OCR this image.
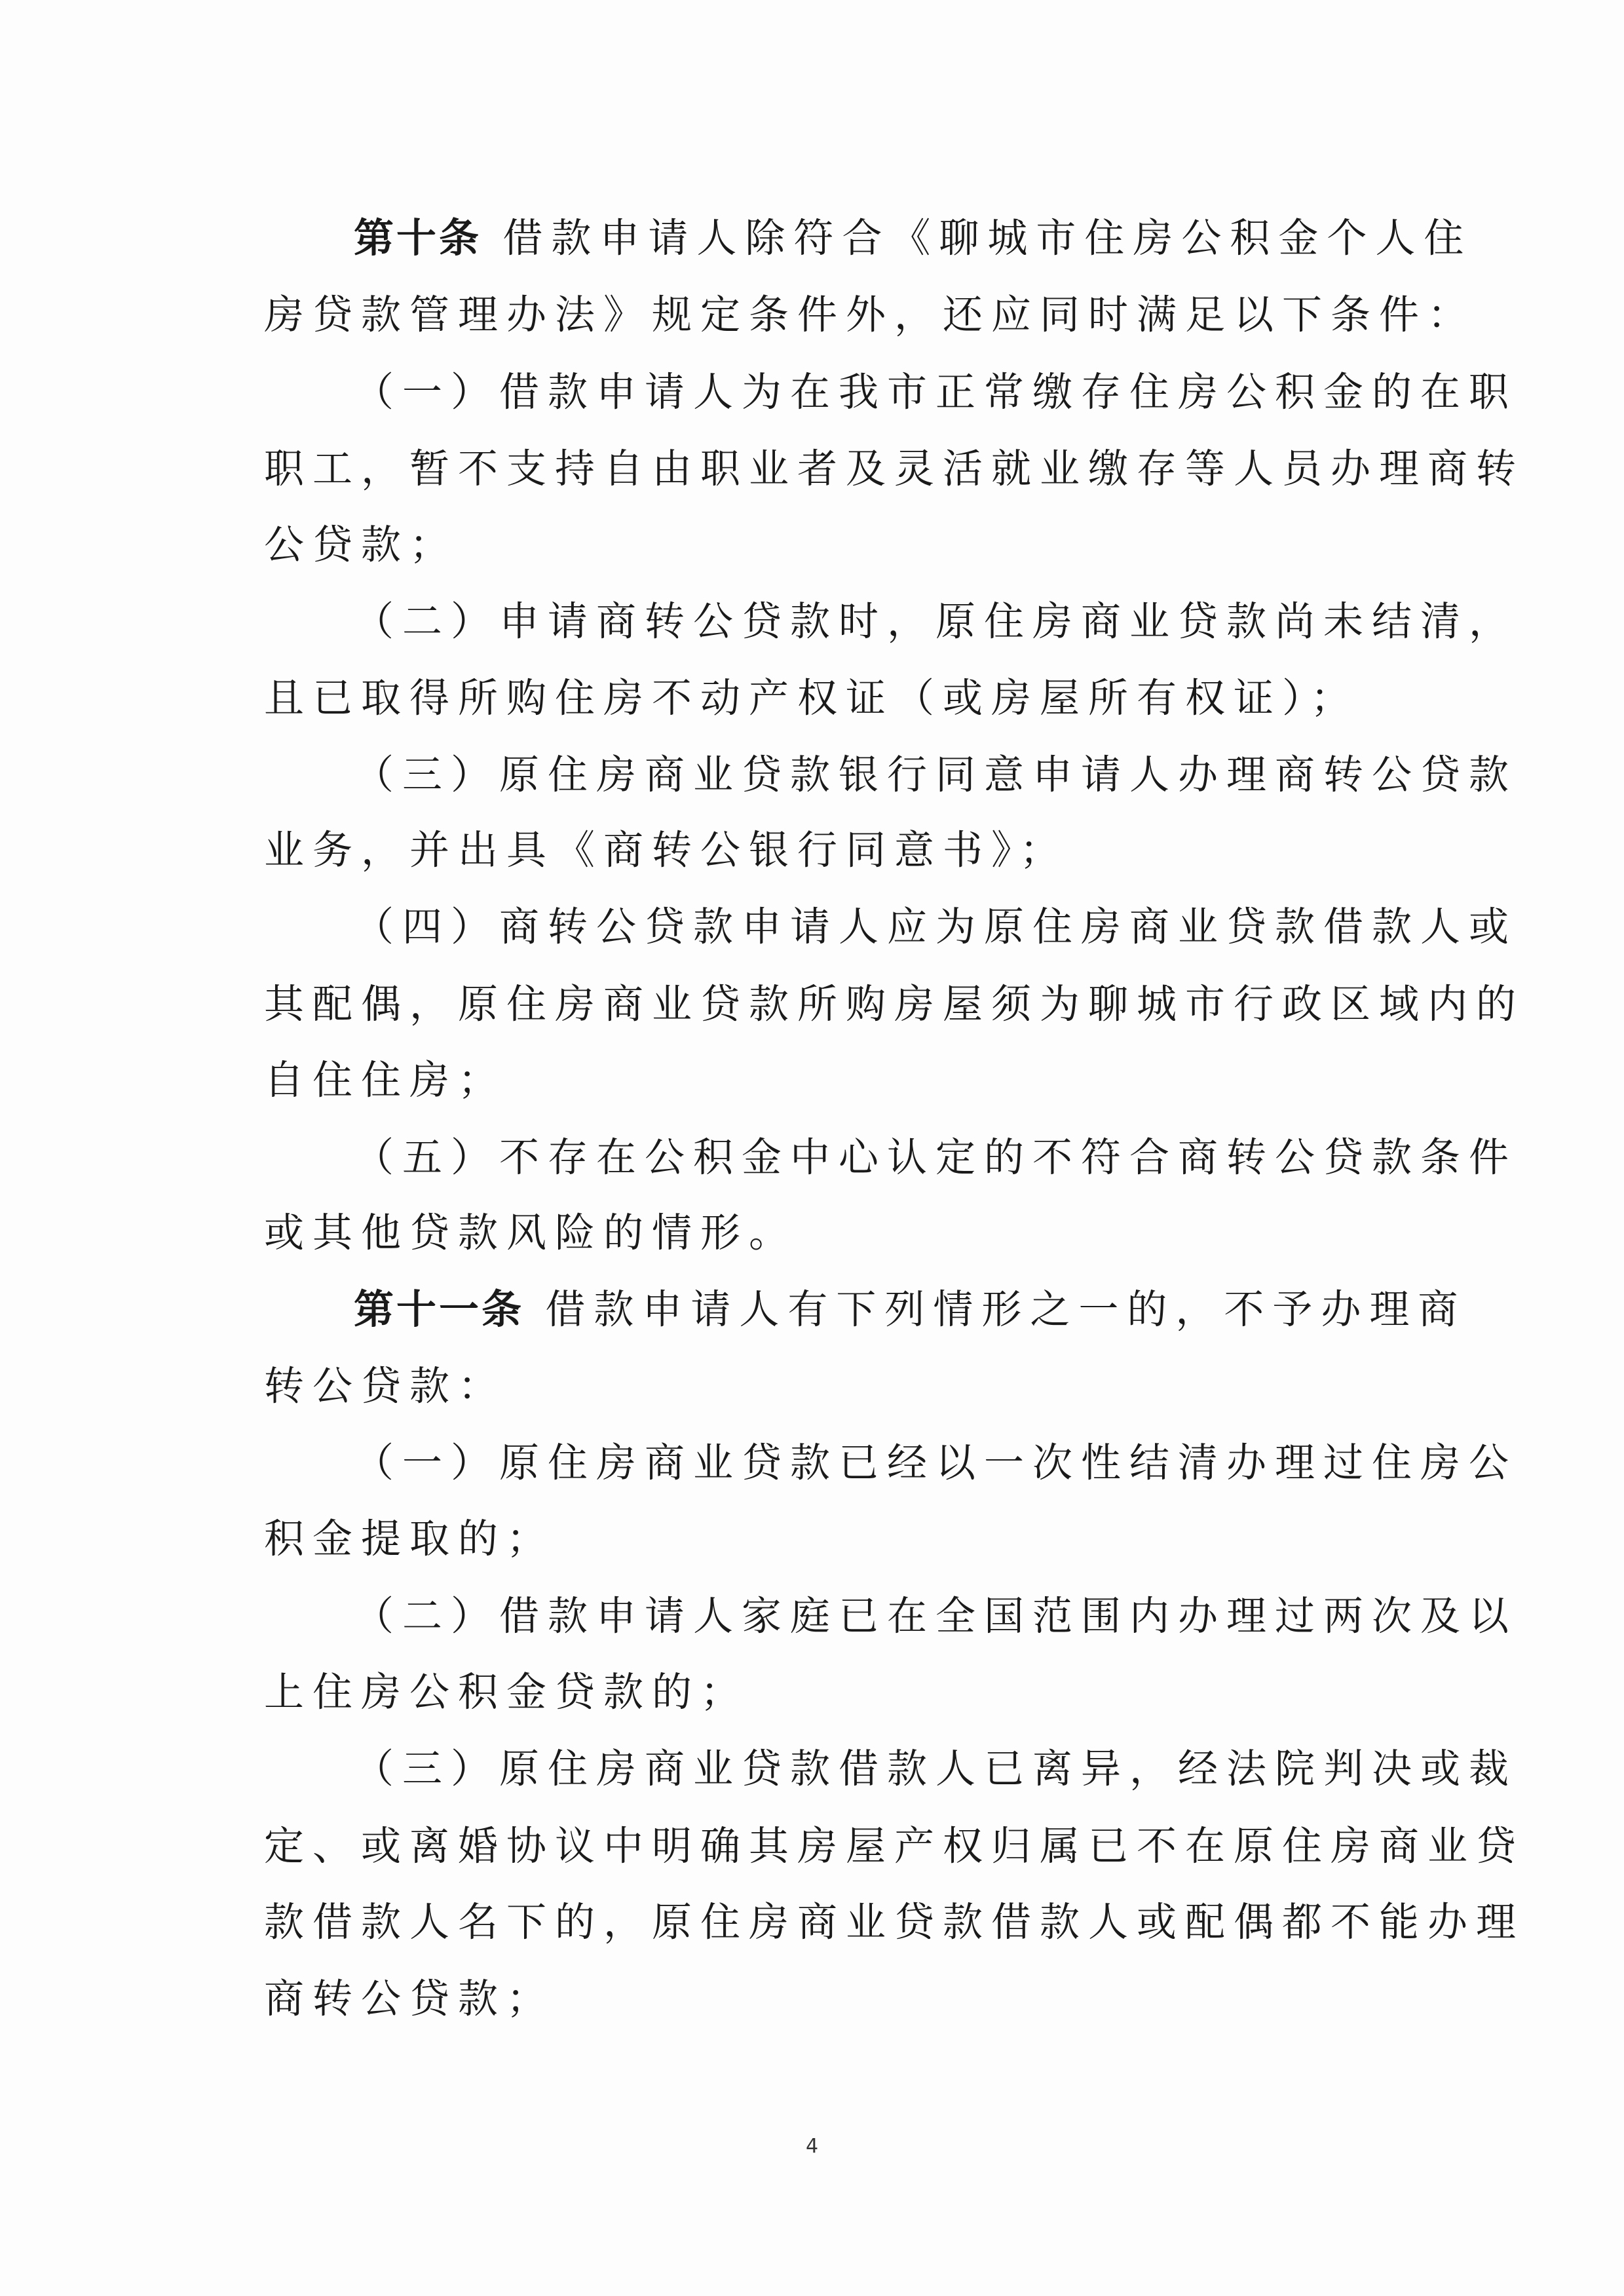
第十条 借款申请人除符合《聊城市住房公积金个人住
房贷款管理办法》规定条件外，还应同时满足以下条件：
（一）借款申请人为在我市正常缴存住房公积金的在职
职工，暂不支持自由职业者及灵活就业缴存等人员办理商转
公贷款；
（二）申请商转公贷款时，原住房商业贷款尚未结清，
且已取得所购住房不动产权证（或房屋所有权证）；
（三）原住房商业贷款银行同意申请人办理商转公贷款
业务，并出具《商转公银行同意书》；
（四）商转公贷款申请人应为原住房商业贷款借款人或
其配偶，原住房商业贷款所购房屋须为聊城市行政区域内的
自住住房；
（五）不存在公积金中心认定的不符合商转公贷款条件
或其他贷款风险的情形。
第十一条 借款申请人有下列情形之一的，不予办理商
转公贷款：
（一）原住房商业贷款已经以一次性结清办理过住房公
积金提取的；
（二）借款申请人家庭已在全国范围内办理过两次及以
上住房公积金贷款的；
（三）原住房商业贷款借款人已离异，经法院判决或裁
定、或离婚协议中明确其房屋产权归属已不在原住房商业贷
款借款人名下的，原住房商业贷款借款人或配偶都不能办理
商转公贷款；
4
